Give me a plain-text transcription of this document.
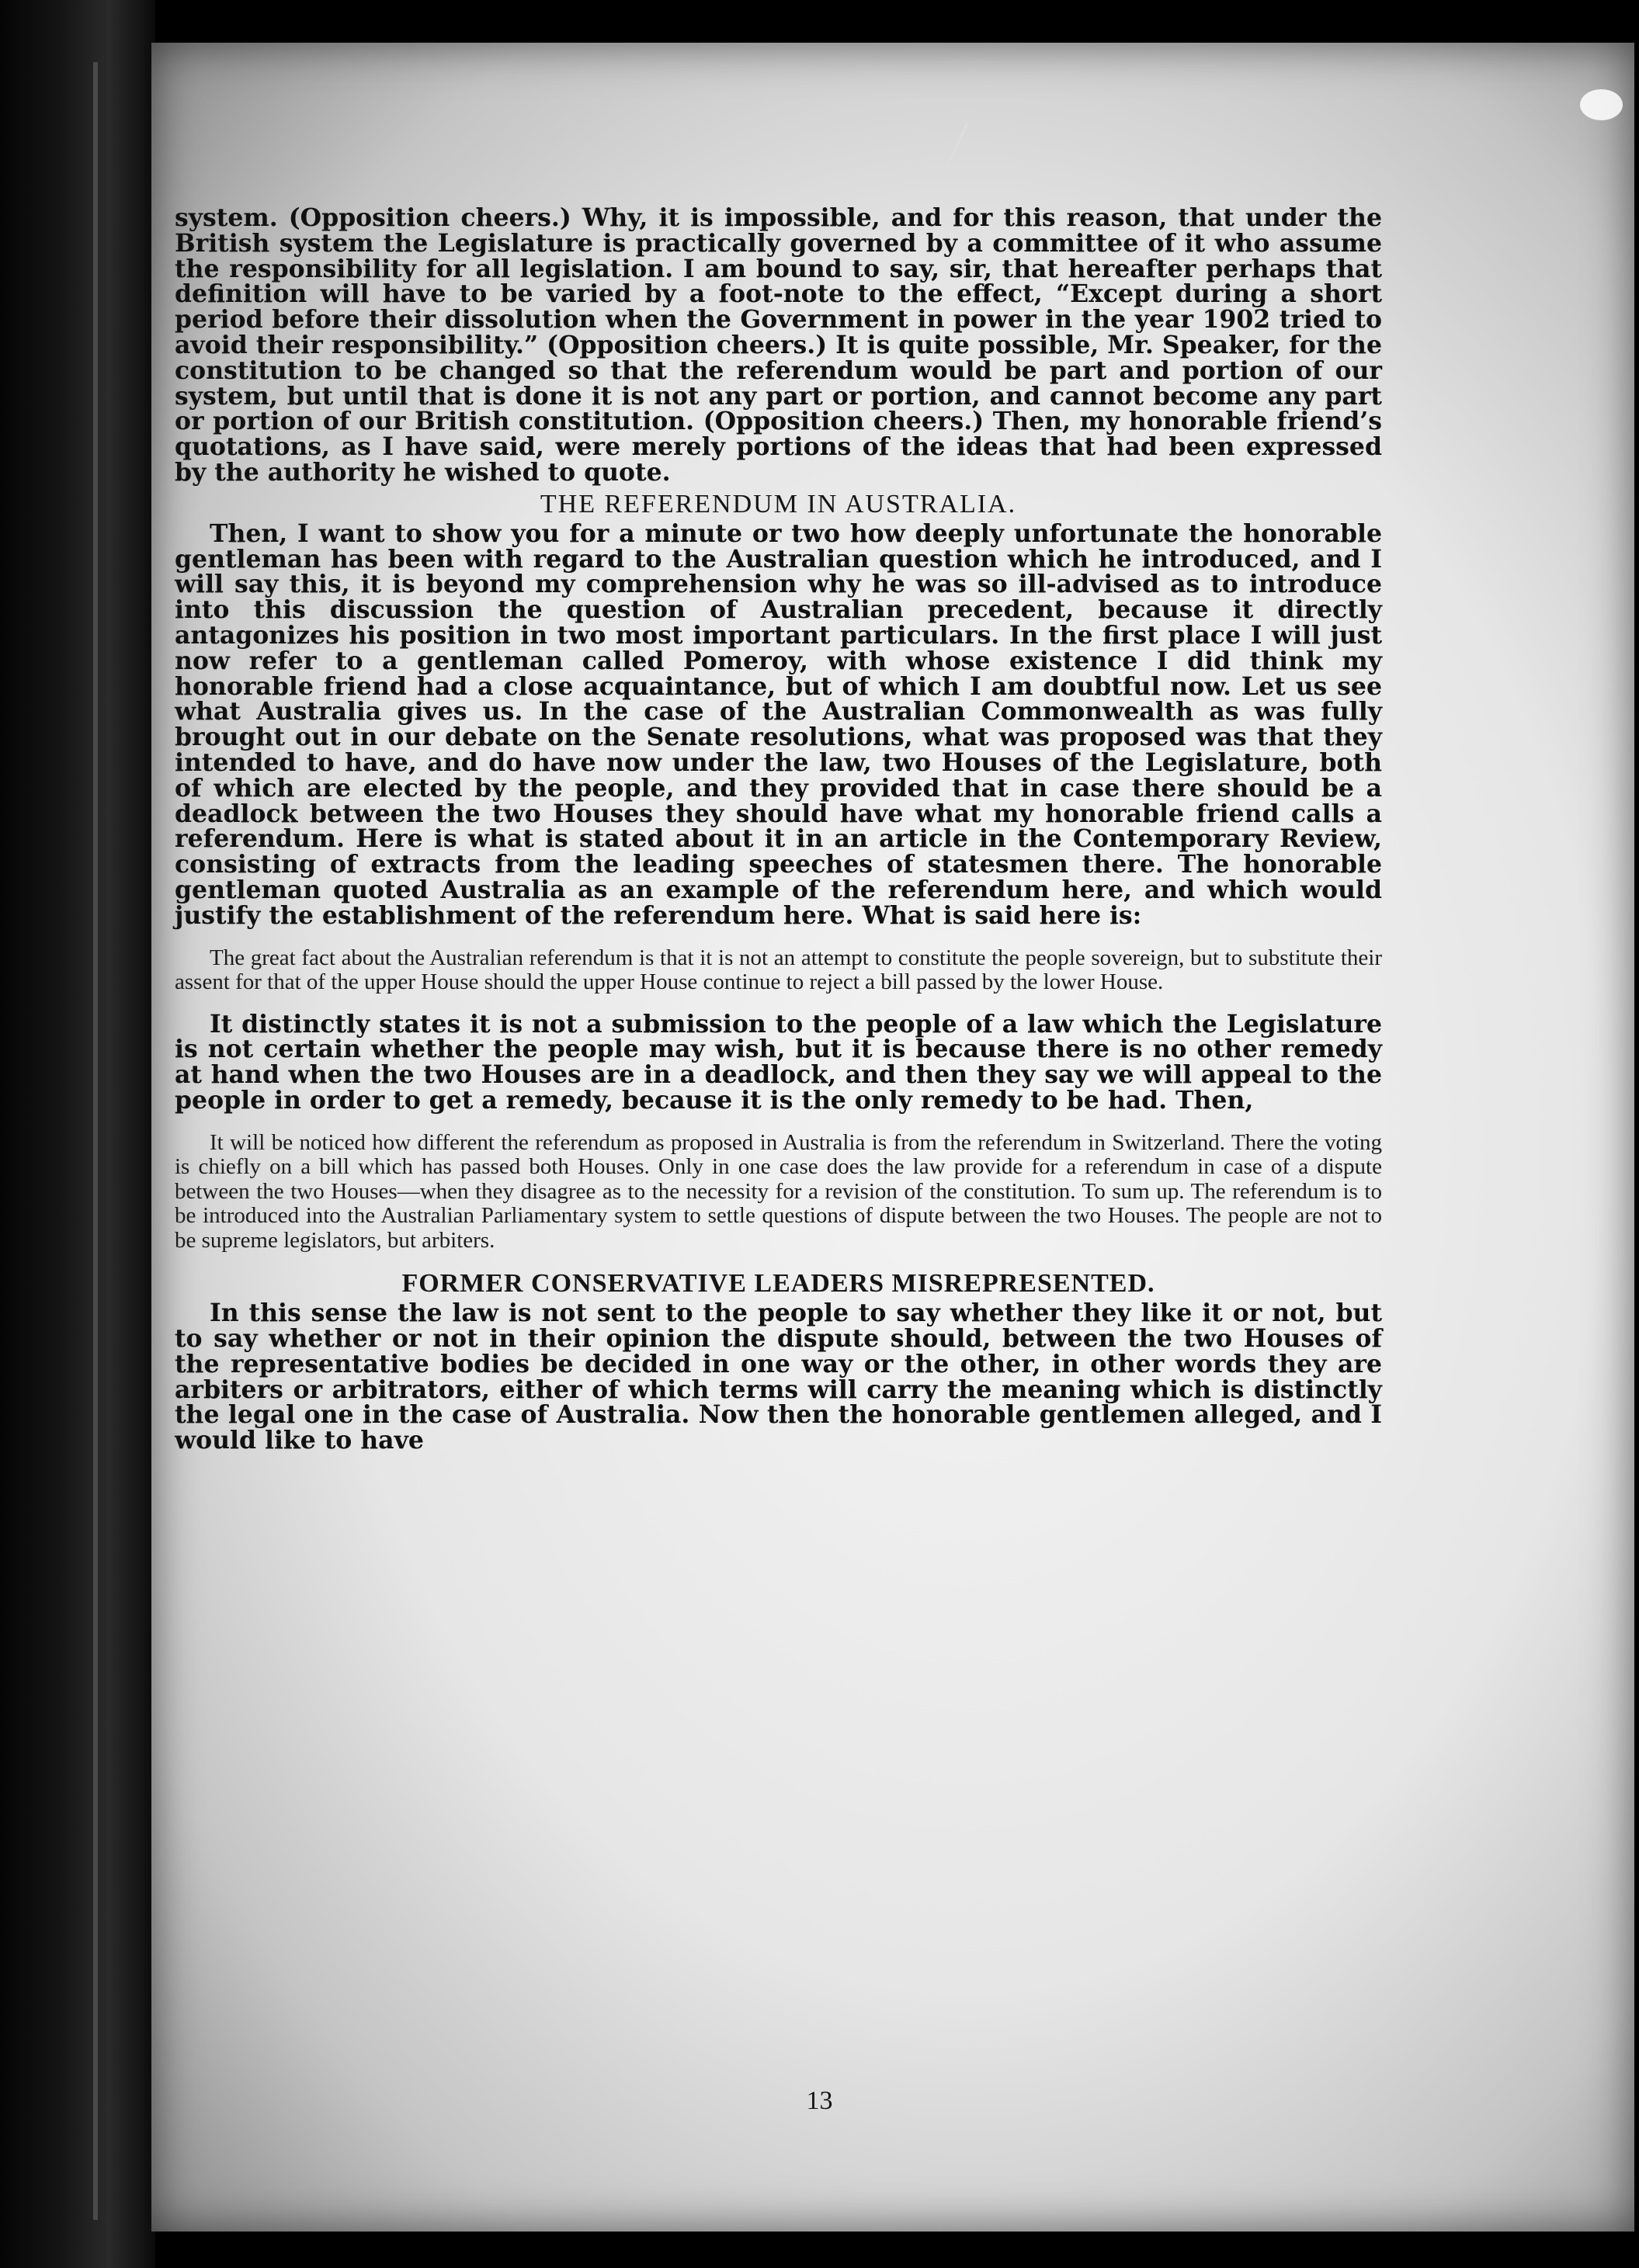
system. (Opposition cheers.) Why, it is impossible, and for this reason, that under the British system the Legislature is practically governed by a committee of it who assume the responsibility for all legislation. I am bound to say, sir, that hereafter perhaps that definition will have to be varied by a foot-note to the effect, “Except during a short period before their dissolution when the Government in power in the year 1902 tried to avoid their responsibility.” (Opposition cheers.) It is quite possible, Mr. Speaker, for the constitution to be changed so that the referendum would be part and portion of our system, but until that is done it is not any part or portion, and cannot become any part or portion of our British constitution. (Opposition cheers.) Then, my honorable friend’s quotations, as I have said, were merely portions of the ideas that had been expressed by the authority he wished to quote.

THE REFERENDUM IN AUSTRALIA.

Then, I want to show you for a minute or two how deeply unfortunate the honorable gentleman has been with regard to the Australian question which he introduced, and I will say this, it is beyond my comprehension why he was so ill-advised as to introduce into this discussion the question of Australian precedent, because it directly antagonizes his position in two most important particulars. In the first place I will just now refer to a gentleman called Pomeroy, with whose existence I did think my honorable friend had a close acquaintance, but of which I am doubtful now. Let us see what Australia gives us. In the case of the Australian Commonwealth as was fully brought out in our debate on the Senate resolutions, what was proposed was that they intended to have, and do have now under the law, two Houses of the Legislature, both of which are elected by the people, and they provided that in case there should be a deadlock between the two Houses they should have what my honorable friend calls a referendum. Here is what is stated about it in an article in the Contemporary Review, consisting of extracts from the leading speeches of statesmen there. The honorable gentleman quoted Australia as an example of the referendum here, and which would justify the establishment of the referendum here. What is said here is:

The great fact about the Australian referendum is that it is not an attempt to constitute the people sovereign, but to substitute their assent for that of the upper House should the upper House continue to reject a bill passed by the lower House.

It distinctly states it is not a submission to the people of a law which the Legislature is not certain whether the people may wish, but it is because there is no other remedy at hand when the two Houses are in a deadlock, and then they say we will appeal to the people in order to get a remedy, because it is the only remedy to be had. Then,

It will be noticed how different the referendum as proposed in Australia is from the referendum in Switzerland. There the voting is chiefly on a bill which has passed both Houses. Only in one case does the law provide for a referendum in case of a dispute between the two Houses—when they disagree as to the necessity for a revision of the constitution. To sum up. The referendum is to be introduced into the Australian Parliamentary system to settle questions of dispute between the two Houses. The people are not to be supreme legislators, but arbiters.

FORMER CONSERVATIVE LEADERS MISREPRESENTED.

In this sense the law is not sent to the people to say whether they like it or not, but to say whether or not in their opinion the dispute should, between the two Houses of the representative bodies be decided in one way or the other, in other words they are arbiters or arbitrators, either of which terms will carry the meaning which is distinctly the legal one in the case of Australia. Now then the honorable gentlemen alleged, and I would like to have

13
